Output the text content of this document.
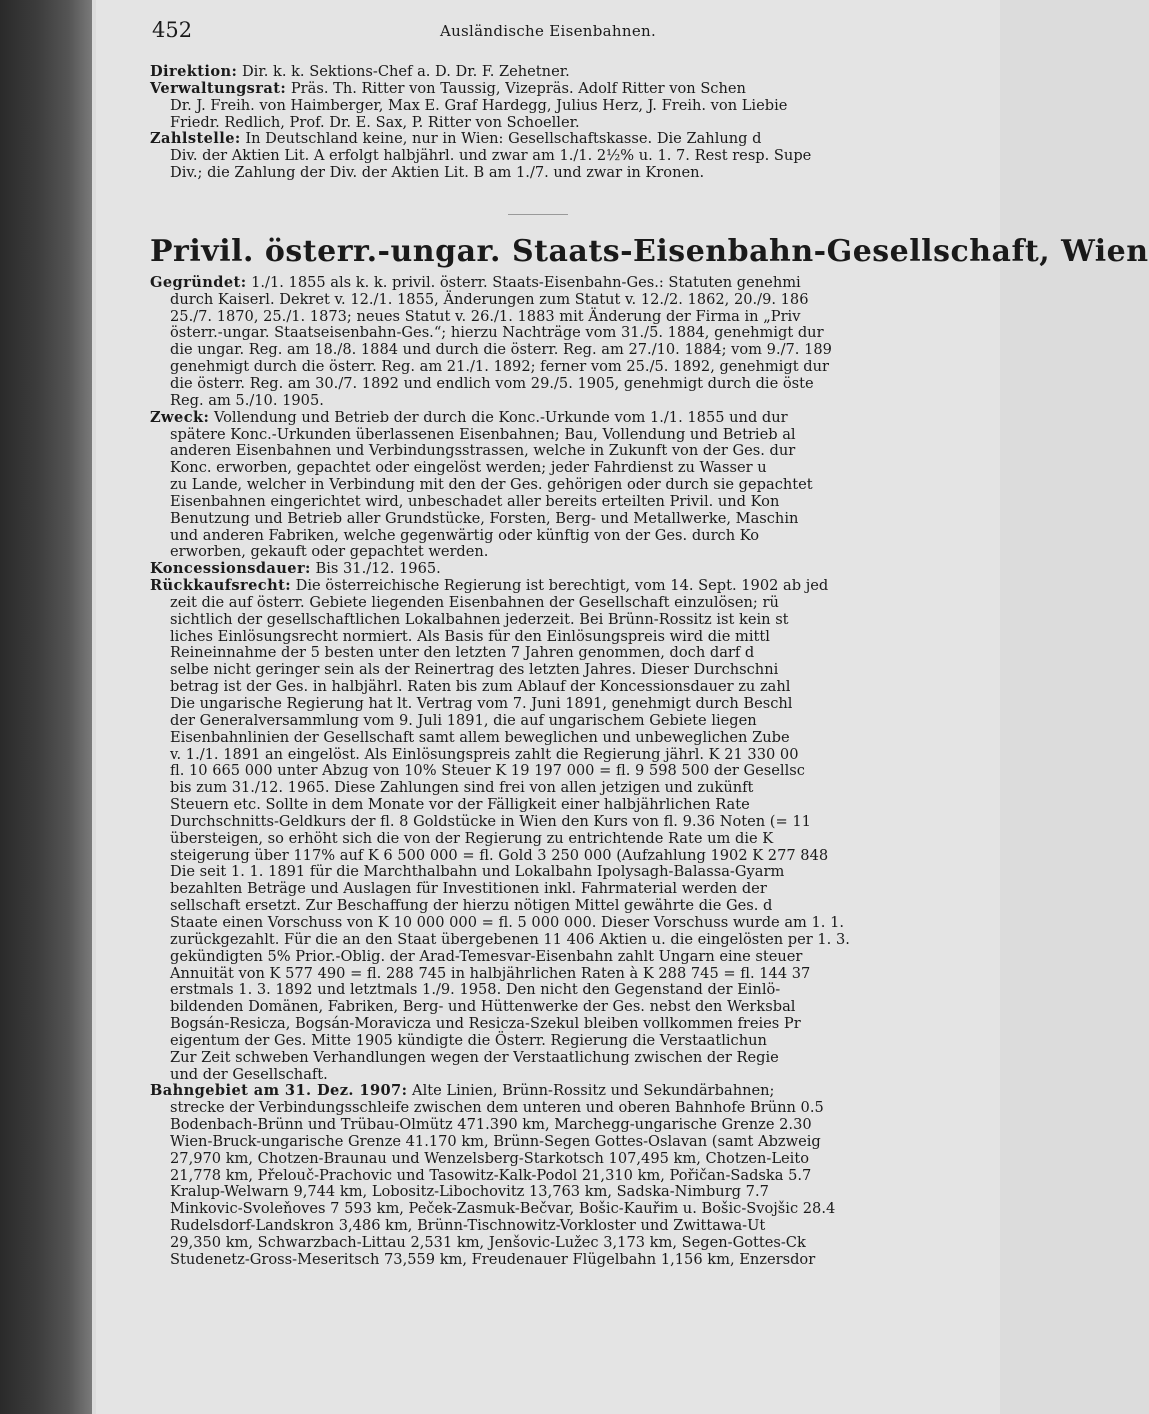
452	Ausländische Eisenbahnen.
Direktion: Dir. k. k. Sektions-Chef a. D. Dr. F. Zehetner.
Verwaltungsrat: Präs. Th. Ritter von Taussig, Vizepräs. Adolf Ritter von Schen
Dr. J. Freih. von Haimberger, Max E. Graf Hardegg, Julius Herz, J. Freih. von Liebie
Friedr. Redlich, Prof. Dr. E. Sax, P. Ritter von Schoeller.
Zahlstelle: In Deutschland keine, nur in Wien: Gesellschaftskasse. Die Zahlung d
Div. der Aktien Lit. A erfolgt halbjährl. und zwar am 1./1. 2½% u. 1. 7. Rest resp. Supe
Div.; die Zahlung der Div. der Aktien Lit. B am 1./7. und zwar in Kronen.
Privil. österr.-ungar. Staats-Eisenbahn-Gesellschaft, Wien
Gegründet: 1./1. 1855 als k. k. privil. österr. Staats-Eisenbahn-Ges.: Statuten genehmi
durch Kaiserl. Dekret v. 12./1. 1855, Änderungen zum Statut v. 12./2. 1862, 20./9. 186
25./7. 1870, 25./1. 1873; neues Statut v. 26./1. 1883 mit Änderung der Firma in „Priv
österr.-ungar. Staatseisenbahn-Ges.“; hierzu Nachträge vom 31./5. 1884, genehmigt dur
die ungar. Reg. am 18./8. 1884 und durch die österr. Reg. am 27./10. 1884; vom 9./7. 189
genehmigt durch die österr. Reg. am 21./1. 1892; ferner vom 25./5. 1892, genehmigt dur
die österr. Reg. am 30./7. 1892 und endlich vom 29./5. 1905, genehmigt durch die öste
Reg. am 5./10. 1905.
Zweck: Vollendung und Betrieb der durch die Konc.-Urkunde vom 1./1. 1855 und dur
spätere Konc.-Urkunden überlassenen Eisenbahnen; Bau, Vollendung und Betrieb al
anderen Eisenbahnen und Verbindungsstrassen, welche in Zukunft von der Ges. dur
Konc. erworben, gepachtet oder eingelöst werden; jeder Fahrdienst zu Wasser u
zu Lande, welcher in Verbindung mit den der Ges. gehörigen oder durch sie gepachtet
Eisenbahnen eingerichtet wird, unbeschadet aller bereits erteilten Privil. und Kon
Benutzung und Betrieb aller Grundstücke, Forsten, Berg- und Metallwerke, Maschin
und anderen Fabriken, welche gegenwärtig oder künftig von der Ges. durch Ko
erworben, gekauft oder gepachtet werden.
Koncessionsdauer: Bis 31./12. 1965.
Rückkaufsrecht: Die österreichische Regierung ist berechtigt, vom 14. Sept. 1902 ab jed
zeit die auf österr. Gebiete liegenden Eisenbahnen der Gesellschaft einzulösen; rü
sichtlich der gesellschaftlichen Lokalbahnen jederzeit. Bei Brünn-Rossitz ist kein st
liches Einlösungsrecht normiert. Als Basis für den Einlösungspreis wird die mittl
Reineinnahme der 5 besten unter den letzten 7 Jahren genommen, doch darf d
selbe nicht geringer sein als der Reinertrag des letzten Jahres. Dieser Durchschni
betrag ist der Ges. in halbjährl. Raten bis zum Ablauf der Koncessionsdauer zu zahl
Die ungarische Regierung hat lt. Vertrag vom 7. Juni 1891, genehmigt durch Beschl
der Generalversammlung vom 9. Juli 1891, die auf ungarischem Gebiete liegen
Eisenbahnlinien der Gesellschaft samt allem beweglichen und unbeweglichen Zube
v. 1./1. 1891 an eingelöst. Als Einlösungspreis zahlt die Regierung jährl. K 21 330 00
fl. 10 665 000 unter Abzug von 10% Steuer K 19 197 000 = fl. 9 598 500 der Gesellsc
bis zum 31./12. 1965. Diese Zahlungen sind frei von allen jetzigen und zukünft
Steuern etc. Sollte in dem Monate vor der Fälligkeit einer halbjährlichen Rate
Durchschnitts-Geldkurs der fl. 8 Goldstücke in Wien den Kurs von fl. 9.36 Noten (= 11
übersteigen, so erhöht sich die von der Regierung zu entrichtende Rate um die K
steigerung über 117% auf K 6 500 000 = fl. Gold 3 250 000 (Aufzahlung 1902 K 277 848
Die seit 1. 1. 1891 für die Marchthalbahn und Lokalbahn Ipolysagh-Balassa-Gyarm
bezahlten Beträge und Auslagen für Investitionen inkl. Fahrmaterial werden der
sellschaft ersetzt. Zur Beschaffung der hierzu nötigen Mittel gewährte die Ges. d
Staate einen Vorschuss von K 10 000 000 = fl. 5 000 000. Dieser Vorschuss wurde am 1. 1.
zurückgezahlt. Für die an den Staat übergebenen 11 406 Aktien u. die eingelösten per 1. 3.
gekündigten 5% Prior.-Oblig. der Arad-Temesvar-Eisenbahn zahlt Ungarn eine steuer
Annuität von K 577 490 = fl. 288 745 in halbjährlichen Raten à K 288 745 = fl. 144 37
erstmals 1. 3. 1892 und letztmals 1./9. 1958. Den nicht den Gegenstand der Einlö-
bildenden Domänen, Fabriken, Berg- und Hüttenwerke der Ges. nebst den Werksbal
Bogsán-Resicza, Bogsán-Moravicza und Resicza-Szekul bleiben vollkommen freies Pr
eigentum der Ges. Mitte 1905 kündigte die Österr. Regierung die Verstaatlichun
Zur Zeit schweben Verhandlungen wegen der Verstaatlichung zwischen der Regie
und der Gesellschaft.
Bahngebiet am 31. Dez. 1907: Alte Linien, Brünn-Rossitz und Sekundärbahnen;
strecke der Verbindungsschleife zwischen dem unteren und oberen Bahnhofe Brünn 0.5
Bodenbach-Brünn und Trübau-Olmütz 471.390 km, Marchegg-ungarische Grenze 2.30
Wien-Bruck-ungarische Grenze 41.170 km, Brünn-Segen Gottes-Oslavan (samt Abzweig
27,970 km, Chotzen-Braunau und Wenzelsberg-Starkotsch 107,495 km, Chotzen-Leito
21,778 km, Přelouč-Prachovic und Tasowitz-Kalk-Podol 21,310 km, Pořičan-Sadska 5.7
Kralup-Welwarn 9,744 km, Lobositz-Libochovitz 13,763 km, Sadska-Nimburg 7.7
Minkovic-Svoleňoves 7 593 km, Peček-Zasmuk-Bečvar, Bošic-Kauřim u. Bošic-Svojšic 28.4
Rudelsdorf-Landskron 3,486 km, Brünn-Tischnowitz-Vorkloster und Zwittawa-Ut
29,350 km, Schwarzbach-Littau 2,531 km, Jenšovic-Lužec 3,173 km, Segen-Gottes-Ck
Studenetz-Gross-Meseritsch 73,559 km, Freudenauer Flügelbahn 1,156 km, Enzersdor
